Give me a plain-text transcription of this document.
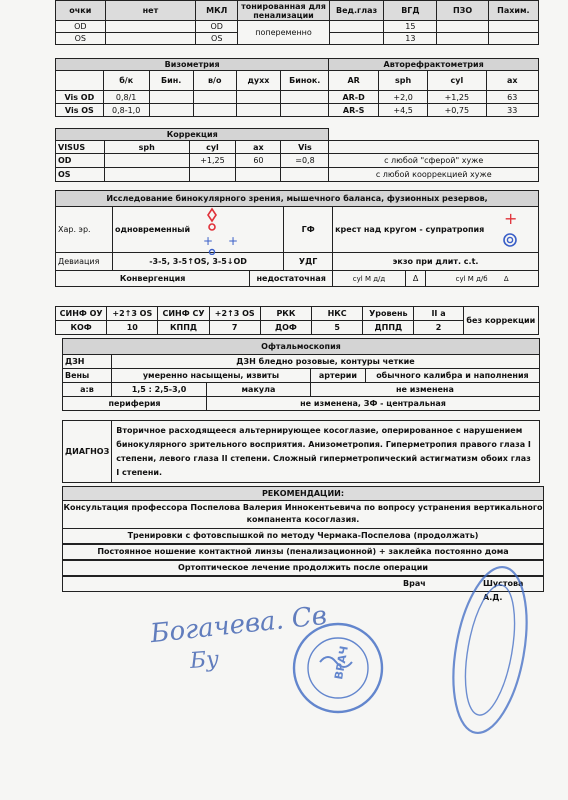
очки	нет	МКЛ	тонированная для пенализации	Вед.глаз	ВГД	ПЗО	Пахим.
OD		OD	попеременно		15		
OS		OS			13		
Визометрия						Авторефрактометрия			
	б/к	Бин.	в/о	духх	Бинок.	AR	sph	cyl	ax
Vis OD	0,8/1					AR-D	+2,0	+1,25	63
Vis OS	0,8-1,0					AR-S	+4,5	+0,75	33
Коррекция					
VISUS	sph	cyl	ax	Vis	
OD		+1,25	60	=0,8	с любой "сферой" хуже
OS					с любой кооррекцией хуже
Исследование бинокулярного зрения, мышечного баланса, фузионных резервов,						
Хар. эр.	одновременный		ГФ	крест над кругом - супратропия		
Девиация	-3-5, 3-5↑OS, 3-5↓OD		УДГ	экзо при длит. c.t.		
Конвергенция		недостаточная		cyl M д/д	Δ	cyl M д/б Δ
СИНФ ОУ	+2↑3 OS	СИНФ СУ	+2↑3 OS	РКК	НКС	Уровень	II а	без коррекции
КОФ	10	КППД	7	ДОФ	5	ДППД	2	
Офтальмоскопия				
ДЗН	ДЗН бледно розовые, контуры четкие			
Вены	умеренно насыщены, извиты		артерии	обычного калибра и наполнения
а:в	1,5 : 2,5-3,0	макула	не изменена	
периферия		не изменена, ЗФ - центральная		
ДИАГНОЗ	Вторичное расходящееся альтернирующее косоглазие, оперированное с нарушением бинокулярного зрительного восприятия. Анизометропия. Гиперметропия правого глаза I степени, левого глаза II степени. Сложный гиперметропический астигматизм обоих глаз I степени.
РЕКОМЕНДАЦИИ:
Консультация профессора Поспелова Валерия Иннокентьевича по вопросу устранения вертикального компанента косоглазия.
Тренировки с фотовспышкой по методу Чермака-Поспелова (продолжать)
Постоянное ношение контактной линзы (пенализационной) + заклейка постоянно дома
Ортоптическое лечение продолжить после операции
Врач	Шустова А.Д.
Богачева. Св
Бу	ВРАЧ
+ +
+
